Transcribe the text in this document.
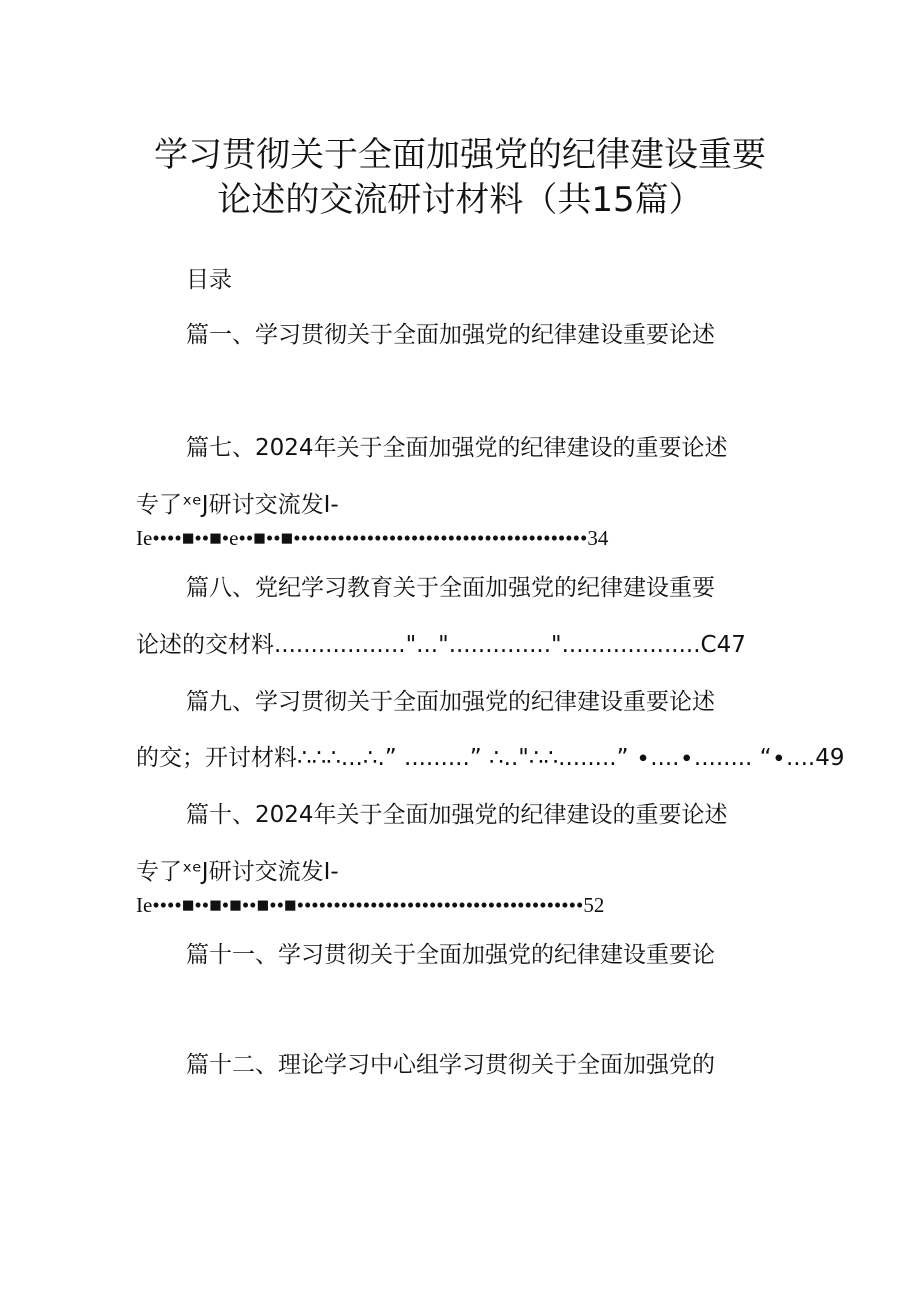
学习贯彻关于全面加强党的纪律建设重要
论述的交流研讨材料（共15篇）
目录
篇一、学习贯彻关于全面加强党的纪律建设重要论述
篇七、2024年关于全面加强党的纪律建设的重要论述
专了ˣᵉJ研讨交流发I-
Ie••••■••■•e••■••■••••••••••••••••••••••••••••••••••••••••34
篇八、党纪学习教育关于全面加强党的纪律建设重要
论述的交材料.................."...".............."...................C47
篇九、学习贯彻关于全面加强党的纪律建设重要论述
的交；开讨材料∴∴∴...∴.” .........” ∴.."∴∴........” ∙....∙........ “∙....49
篇十、2024年关于全面加强党的纪律建设的重要论述
专了ˣᵉJ研讨交流发I-
Ie••••■••■•■••■••■•••••••••••••••••••••••••••••••••••••••52
篇十一、学习贯彻关于全面加强党的纪律建设重要论
篇十二、理论学习中心组学习贯彻关于全面加强党的
